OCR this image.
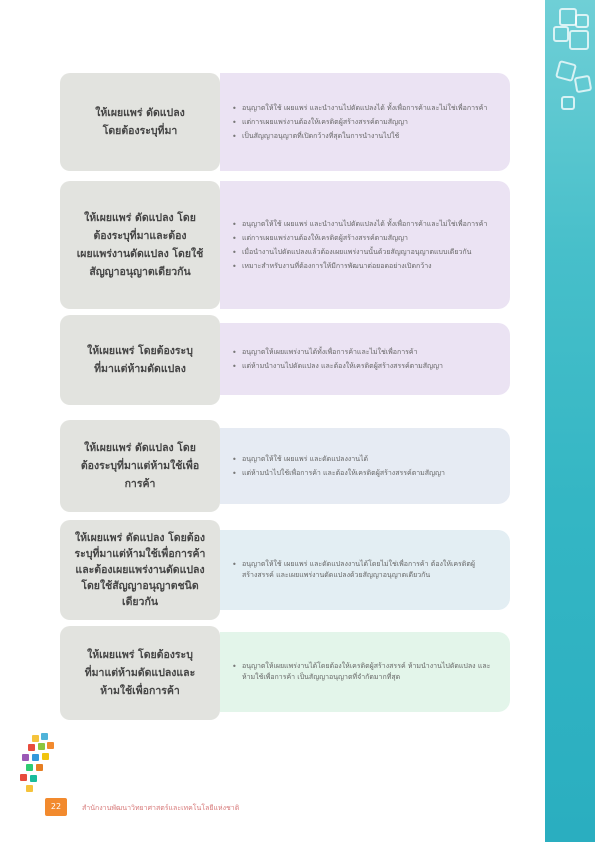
ให้เผยแพร่ ดัดแปลง
โดยต้องระบุที่มา
• อนุญาตให้ใช้ เผยแพร่ และนำงานไปดัดแปลงได้ ทั้งเพื่อการค้าและไม่ใช่เพื่อการค้า
• แต่การเผยแพร่งานต้องให้เครดิตผู้สร้างสรรค์ตามสัญญา
• เป็นสัญญาอนุญาตที่เปิดกว้างที่สุดในการนำงานไปใช้
ให้เผยแพร่ ดัดแปลง โดย
ต้องระบุที่มาและต้อง
เผยแพร่งานดัดแปลง โดยใช้
สัญญาอนุญาตเดียวกัน
• อนุญาตให้ใช้ เผยแพร่ และนำงานไปดัดแปลงได้ ทั้งเพื่อการค้าและไม่ใช่เพื่อการค้า
• แต่การเผยแพร่งานต้องให้เครดิตผู้สร้างสรรค์ตามสัญญา
• เมื่อนำงานไปดัดแปลงแล้วต้องเผยแพร่งานนั้นด้วยสัญญาอนุญาตแบบเดียวกัน
• เหมาะสำหรับงานที่ต้องการให้มีการพัฒนาต่อยอดอย่างเปิดกว้าง
ให้เผยแพร่ โดยต้องระบุ
ที่มาแต่ห้ามดัดแปลง
• อนุญาตให้เผยแพร่งานได้ทั้งเพื่อการค้าและไม่ใช่เพื่อการค้า
• แต่ห้ามนำงานไปดัดแปลง และต้องให้เครดิตผู้สร้างสรรค์ตามสัญญา
ให้เผยแพร่ ดัดแปลง โดย
ต้องระบุที่มาแต่ห้ามใช้เพื่อ
การค้า
• อนุญาตให้ใช้ เผยแพร่ และดัดแปลงงานได้
• แต่ห้ามนำไปใช้เพื่อการค้า และต้องให้เครดิตผู้สร้างสรรค์ตามสัญญา
ให้เผยแพร่ ดัดแปลง โดยต้อง
ระบุที่มาแต่ห้ามใช้เพื่อการค้า
และต้องเผยแพร่งานดัดแปลง
โดยใช้สัญญาอนุญาตชนิด
เดียวกัน
• อนุญาตให้ใช้ เผยแพร่ และดัดแปลงงานได้โดยไม่ใช่เพื่อการค้า ต้องให้เครดิตผู้สร้างสรรค์ และเผยแพร่งานดัดแปลงด้วยสัญญาอนุญาตเดียวกัน
ให้เผยแพร่ โดยต้องระบุ
ที่มาแต่ห้ามดัดแปลงและ
ห้ามใช้เพื่อการค้า
• อนุญาตให้เผยแพร่งานได้โดยต้องให้เครดิตผู้สร้างสรรค์ ห้ามนำงานไปดัดแปลง และห้ามใช้เพื่อการค้า เป็นสัญญาอนุญาตที่จำกัดมากที่สุด
22	สำนักงานพัฒนาวิทยาศาสตร์และเทคโนโลยีแห่งชาติ
